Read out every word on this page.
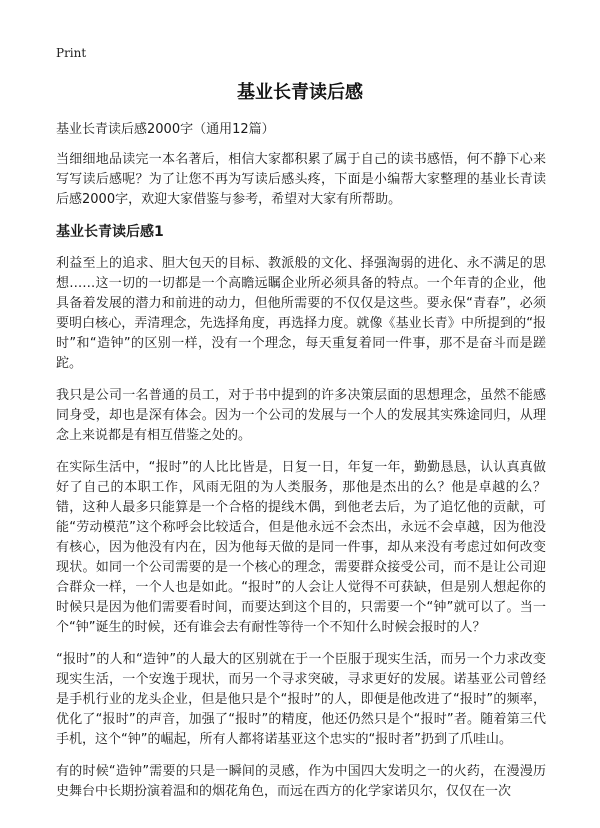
Print
基业长青读后感
基业长青读后感2000字（通用12篇）

当细细地品读完一本名著后，相信大家都积累了属于自己的读书感悟，何不静下心来写写读后感呢？为了让您不再为写读后感头疼，下面是小编帮大家整理的基业长青读后感2000字，欢迎大家借鉴与参考，希望对大家有所帮助。

基业长青读后感1

利益至上的追求、胆大包天的目标、教派般的文化、择强淘弱的进化、永不满足的思想……这一切的一切都是一个高瞻远瞩企业所必须具备的特点。一个年青的企业，他具备着发展的潜力和前进的动力，但他所需要的不仅仅是这些。要永保“青春”，必须要明白核心，弄清理念，先选择角度，再选择力度。就像《基业长青》中所提到的“报时”和“造钟”的区别一样，没有一个理念，每天重复着同一件事，那不是奋斗而是蹉跎。

我只是公司一名普通的员工，对于书中提到的许多决策层面的思想理念，虽然不能感同身受，却也是深有体会。因为一个公司的发展与一个人的发展其实殊途同归，从理念上来说都是有相互借鉴之处的。

在实际生活中，“报时”的人比比皆是，日复一日，年复一年，勤勤恳恳，认认真真做好了自己的本职工作，风雨无阻的为人类服务，那他是杰出的么？他是卓越的么？错，这种人最多只能算是一个合格的提线木偶，到他老去后，为了追忆他的贡献，可能“劳动模范”这个称呼会比较适合，但是他永远不会杰出，永远不会卓越，因为他没有核心，因为他没有内在，因为他每天做的是同一件事，却从来没有考虑过如何改变现状。如同一个公司需要的是一个核心的理念，需要群众接受公司，而不是让公司迎合群众一样，一个人也是如此。“报时”的人会让人觉得不可获缺，但是别人想起你的时候只是因为他们需要看时间，而要达到这个目的，只需要一个“钟”就可以了。当一个“钟”诞生的时候，还有谁会去有耐性等待一个不知什么时候会报时的人？

“报时”的人和“造钟”的人最大的区别就在于一个臣服于现实生活，而另一个力求改变现实生活，一个安逸于现状，而另一个寻求突破，寻求更好的发展。诺基亚公司曾经是手机行业的龙头企业，但是他只是个“报时”的人，即便是他改进了“报时”的频率，优化了“报时”的声音，加强了“报时”的精度，他还仍然只是个“报时”者。随着第三代手机，这个“钟”的崛起，所有人都将诺基亚这个忠实的“报时者”扔到了爪哇山。

有的时候“造钟”需要的只是一瞬间的灵感，作为中国四大发明之一的火药，在漫漫历史舞台中长期扮演着温和的烟花角色，而远在西方的化学家诺贝尔，仅仅在一次
